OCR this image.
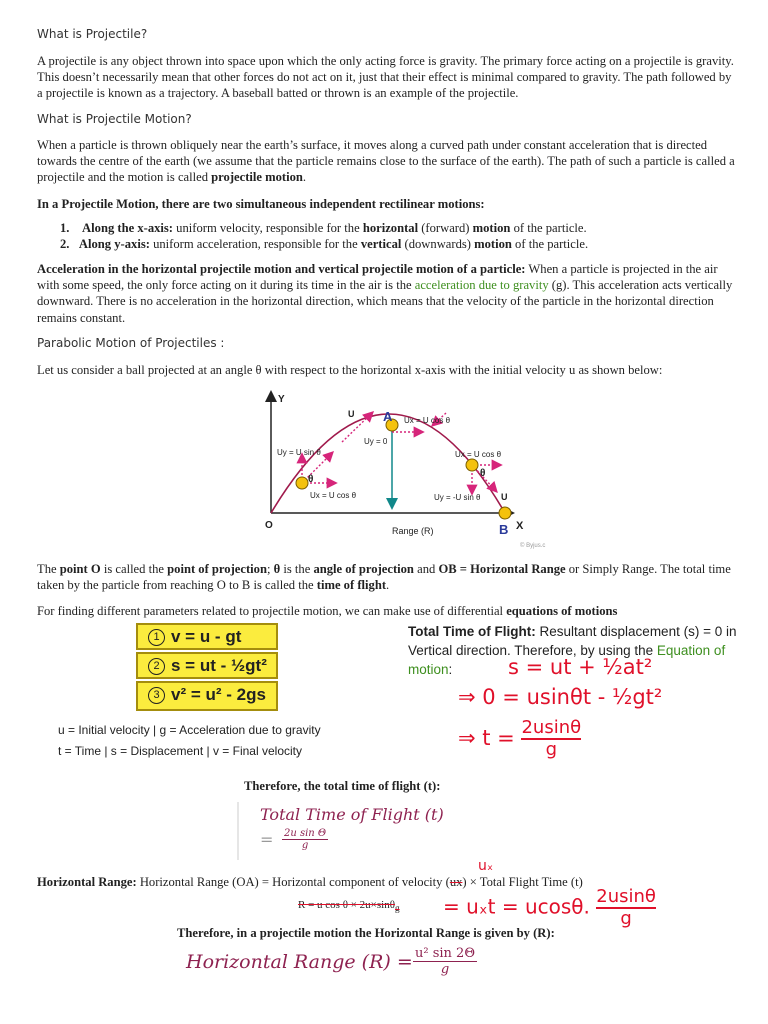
What is Projectile?
A projectile is any object thrown into space upon which the only acting force is gravity. The primary force acting on a projectile is gravity. This doesn’t necessarily mean that other forces do not act on it, just that their effect is minimal compared to gravity. The path followed by a projectile is known as a trajectory. A baseball batted or thrown is an example of the projectile.
What is Projectile Motion?
When a particle is thrown obliquely near the earth’s surface, it moves along a curved path under constant acceleration that is directed towards the centre of the earth (we assume that the particle remains close to the surface of the earth). The path of such a particle is called a projectile and the motion is called projectile motion.
In a Projectile Motion, there are two simultaneous independent rectilinear motions:
1. Along the x-axis: uniform velocity, responsible for the horizontal (forward) motion of the particle.
2. Along y-axis: uniform acceleration, responsible for the vertical (downwards) motion of the particle.
Acceleration in the horizontal projectile motion and vertical projectile motion of a particle: When a particle is projected in the air with some speed, the only force acting on it during its time in the air is the acceleration due to gravity (g). This acceleration acts vertically downward. There is no acceleration in the horizontal direction, which means that the velocity of the particle in the horizontal direction remains constant.
Parabolic Motion of Projectiles :
Let us consider a ball projected at an angle θ with respect to the horizontal x-axis with the initial velocity u as shown below:
Y
X
O
A
B
U
U
Uy = U sin θ
Ux = U cos θ
Uy = 0
Ux = U cos θ
θ
θ
Ux = U cos θ	Uy = -U sin θ
Range (R)
© Byjus.c
The point O is called the point of projection; θ is the angle of projection and OB = Horizontal Range or Simply Range. The total time taken by the particle from reaching O to B is called the time of flight.
For finding different parameters related to projectile motion, we can make use of differential equations of motions
1 v = u - gt
2 s = ut - ½gt²
3 v² = u² - 2gs
u = Initial velocity | g = Acceleration due to gravity
t = Time | s = Displacement | v = Final velocity
Total Time of Flight: Resultant displacement (s) = 0 in Vertical direction. Therefore, by using the Equation of motion:	s = ut + ½at²
⇒ 0 = usinθt - ½gt²
⇒ $t = \frac{2usin\theta}{g}$
Therefore, the total time of flight (t):
Total Time of Flight (t)
= 2u sin Θ
g
uₓ
Horizontal Range: Horizontal Range (OA) = Horizontal component of velocity (ux) × Total Flight Time (t)
R = u cos θ × 2u×sinθ$_g$ = uₓt = ucosθ. $\frac{2usin\theta}{g}$
Therefore, in a projectile motion the Horizontal Range is given by (R):
Horizontal Range (R) = u² sin 2Θ
g
